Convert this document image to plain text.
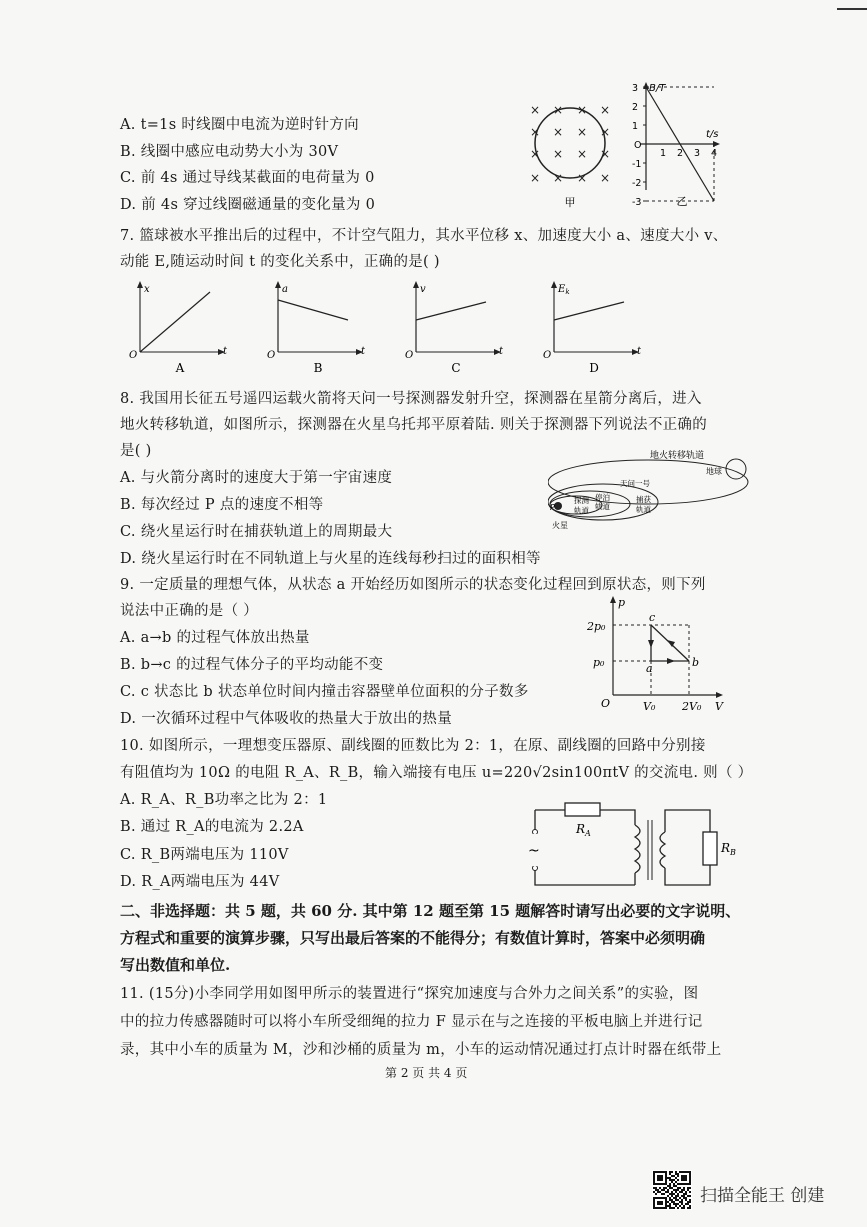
A. t=1s 时线圈中电流为逆时针方向
B. 线圈中感应电动势大小为 30V
C. 前 4s 通过导线某截面的电荷量为 0
D. 前 4s 穿过线圈磁通量的变化量为 0
×
×
×
×
×
×
×
×
×
×
×
×
×
×
×
×
甲
B/T
t/s
3
2
1
O
-1
-2
-3
1 2 3 4
乙
7. 篮球被水平推出后的过程中，不计空气阻力，其水平位移 x、加速度大小 a、速度大小 v、
动能 E,随运动时间 t 的变化关系中，正确的是( )
x
t
O
A
a
t
O
B
v
t
O
C
$E_k$
t
O
D
8. 我国用长征五号遥四运载火箭将天问一号探测器发射升空，探测器在星箭分离后，进入
地火转移轨道，如图所示，探测器在火星乌托邦平原着陆. 则关于探测器下列说法不正确的
是( )
A. 与火箭分离时的速度大于第一宇宙速度
B. 每次经过 P 点的速度不相等
C. 绕火星运行时在捕获轨道上的周期最大
D. 绕火星运行时在不同轨道上与火星的连线每秒扫过的面积相等
地火转移轨道
地球
天问一号
停泊
轨道
探测
轨道
捕获
轨道
P
火星
9. 一定质量的理想气体，从状态 a 开始经历如图所示的状态变化过程回到原状态，则下列
说法中正确的是（ ）
A. a→b 的过程气体放出热量
B. b→c 的过程气体分子的平均动能不变
C. c 状态比 b 状态单位时间内撞击容器壁单位面积的分子数多
D. 一次循环过程中气体吸收的热量大于放出的热量
p
V
O
2p₀
p₀
V₀ 2V₀
a	b
c
10. 如图所示，一理想变压器原、副线圈的匝数比为 2：1，在原、副线圈的回路中分别接
有阻值均为 10Ω 的电阻 R_A、R_B，输入端接有电压 u=220√2sin100πtV 的交流电. 则（ ）
A. R_A、R_B功率之比为 2：1
B. 通过 R_A的电流为 2.2A
C. R_B两端电压为 110V
D. R_A两端电压为 44V
~
$R_A$
$R_B$
二、非选择题：共 5 题，共 60 分. 其中第 12 题至第 15 题解答时请写出必要的文字说明、
方程式和重要的演算步骤，只写出最后答案的不能得分；有数值计算时，答案中必须明确
写出数值和单位.
11. (15分)小李同学用如图甲所示的装置进行“探究加速度与合外力之间关系”的实验，图
中的拉力传感器随时可以将小车所受细绳的拉力 F 显示在与之连接的平板电脑上并进行记
录，其中小车的质量为 M，沙和沙桶的质量为 m，小车的运动情况通过打点计时器在纸带上
第 2 页 共 4 页
扫描全能王 创建
